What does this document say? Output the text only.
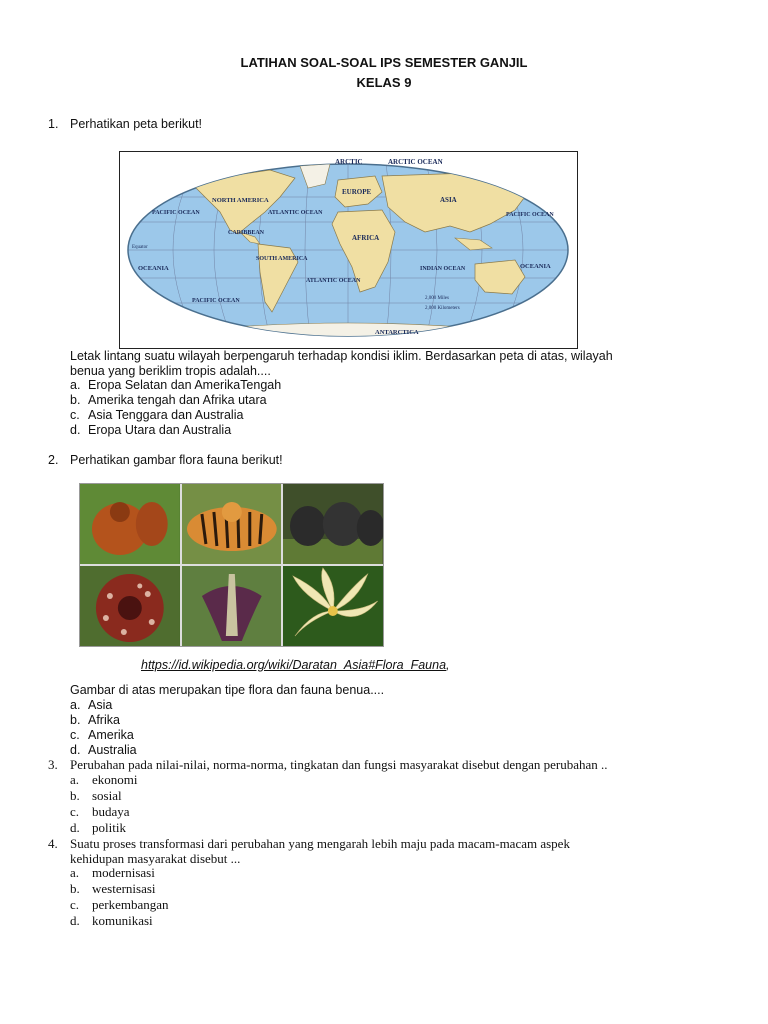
LATIHAN SOAL-SOAL IPS SEMESTER GANJIL
KELAS 9
1. Perhatikan peta berikut!
ARCTIC	ARCTIC OCEAN
NORTH AMERICA
EUROPE
ASIA
PACIFIC OCEAN	PACIFIC OCEAN
ATLANTIC OCEAN
CARIBBEAN
AFRICA
SOUTH AMERICA
ATLANTIC OCEAN
INDIAN OCEAN
OCEANIA	OCEANIA
PACIFIC OCEAN
ANTARCTICA
Equator
2,000 Miles
2,000 Kilometers
Letak lintang suatu wilayah berpengaruh terhadap kondisi iklim. Berdasarkan peta di atas, wilayah
benua yang beriklim tropis adalah....
a. Eropa Selatan dan AmerikaTengah
b. Amerika tengah dan Afrika utara
c. Asia Tenggara dan Australia
d. Eropa Utara dan Australia
2. Perhatikan gambar flora fauna berikut!
https://id.wikipedia.org/wiki/Daratan_Asia#Flora_Fauna,
Gambar di atas merupakan tipe flora dan fauna benua....
a. Asia
b. Afrika
c. Amerika
d. Australia
3. Perubahan pada nilai-nilai, norma-norma, tingkatan dan fungsi masyarakat disebut dengan perubahan ..
a. ekonomi
b. sosial
c. budaya
d. politik
4. Suatu proses transformasi dari perubahan yang mengarah lebih maju pada macam-macam aspek
kehidupan masyarakat disebut ...
a. modernisasi
b. westernisasi
c. perkembangan
d. komunikasi
